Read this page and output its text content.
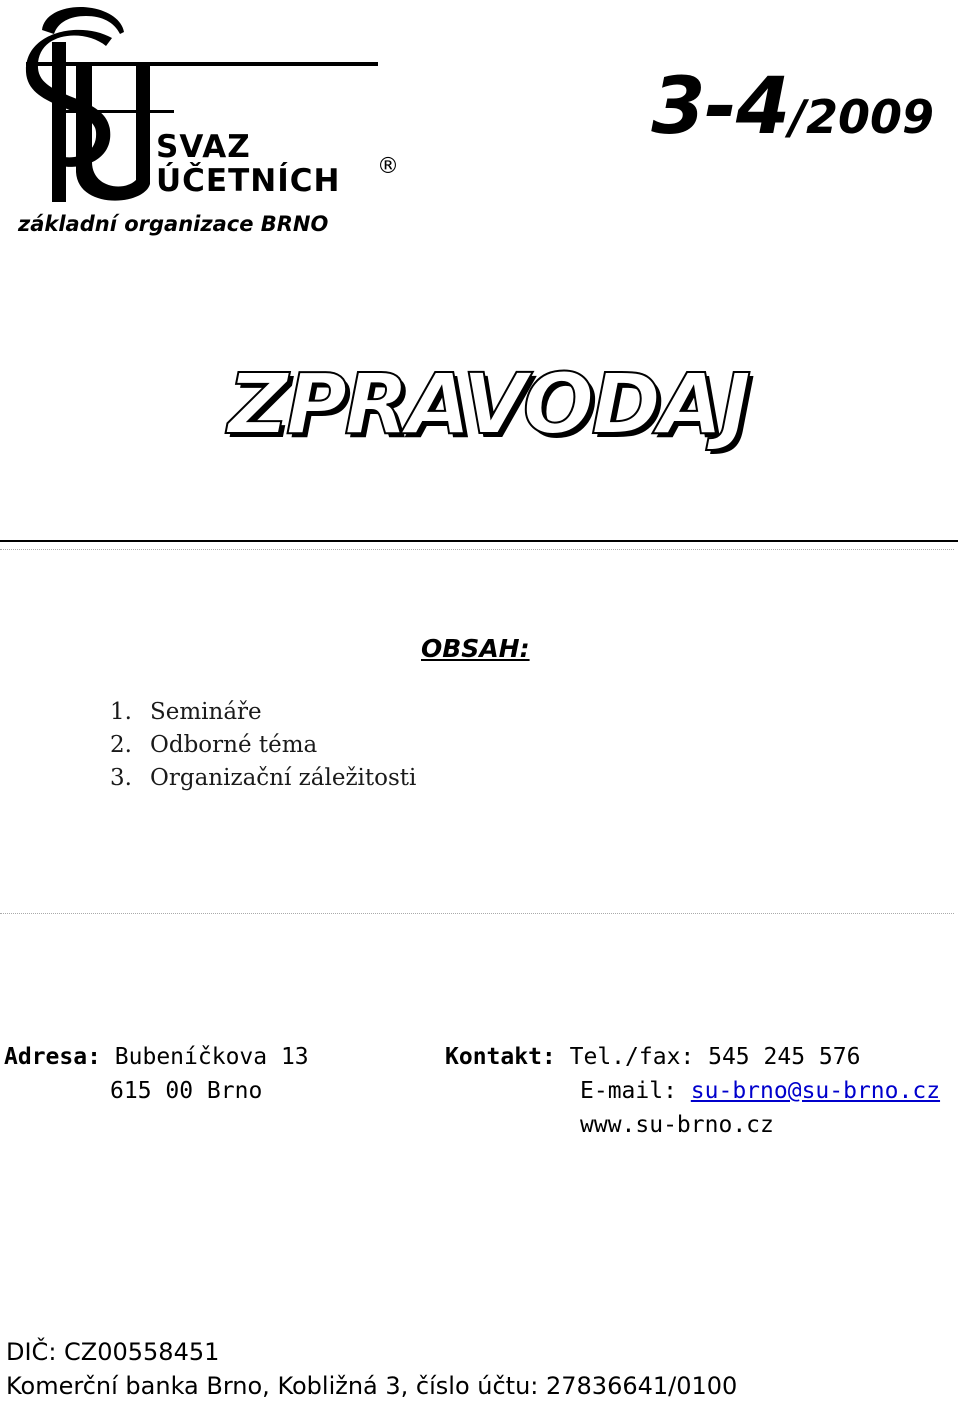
SVAZ
ÚČETNÍCH ®
základní organizace BRNO
3-4/2009
ZPRAVODAJ
OBSAH:
1. Semináře
2. Odborné téma
3. Organizační záležitosti
Adresa: Bubeníčkova 13
615 00 Brno
Kontakt: Tel./fax: 545 245 576
E-mail: su-brno@su-brno.cz
www.su-brno.cz
DIČ: CZ00558451
Komerční banka Brno, Kobližná 3, číslo účtu: 27836641/0100
